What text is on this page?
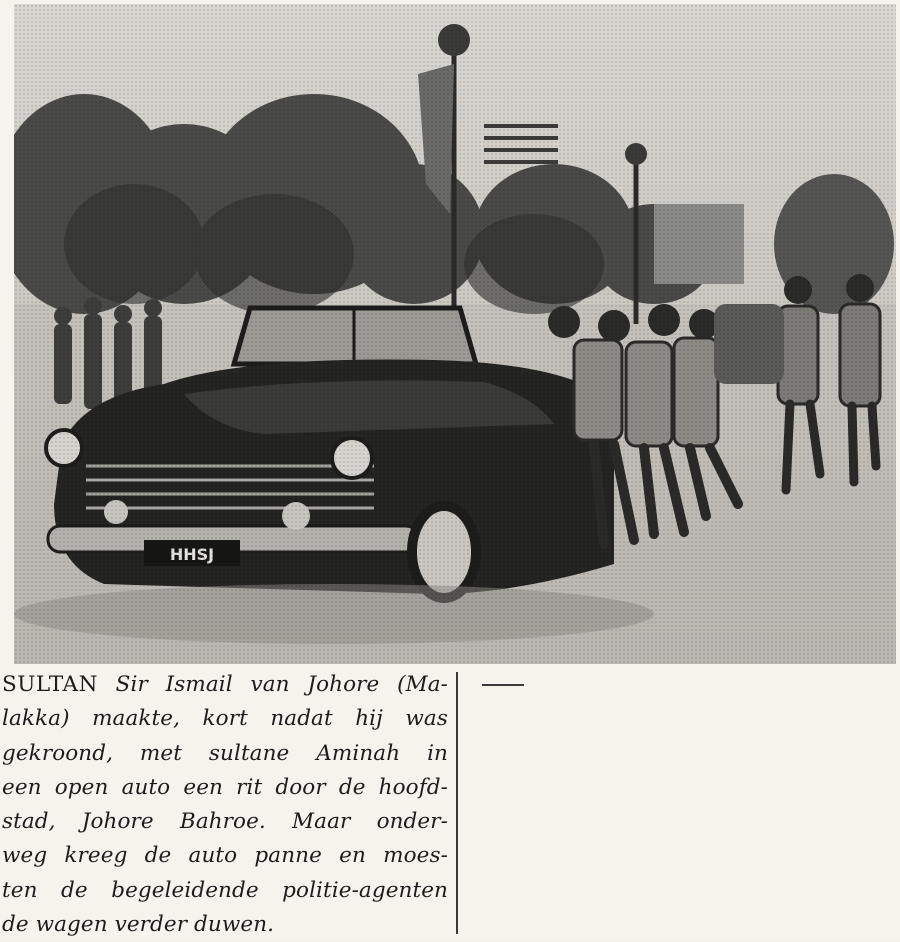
SULTAN Sir Ismail van Johore (Ma-
lakka) maakte, kort nadat hij was
gekroond, met sultane Aminah in
een open auto een rit door de hoofd-
stad, Johore Bahroe. Maar onder-
weg kreeg de auto panne en moes-
ten de begeleidende politie-agenten
de wagen verder duwen.
